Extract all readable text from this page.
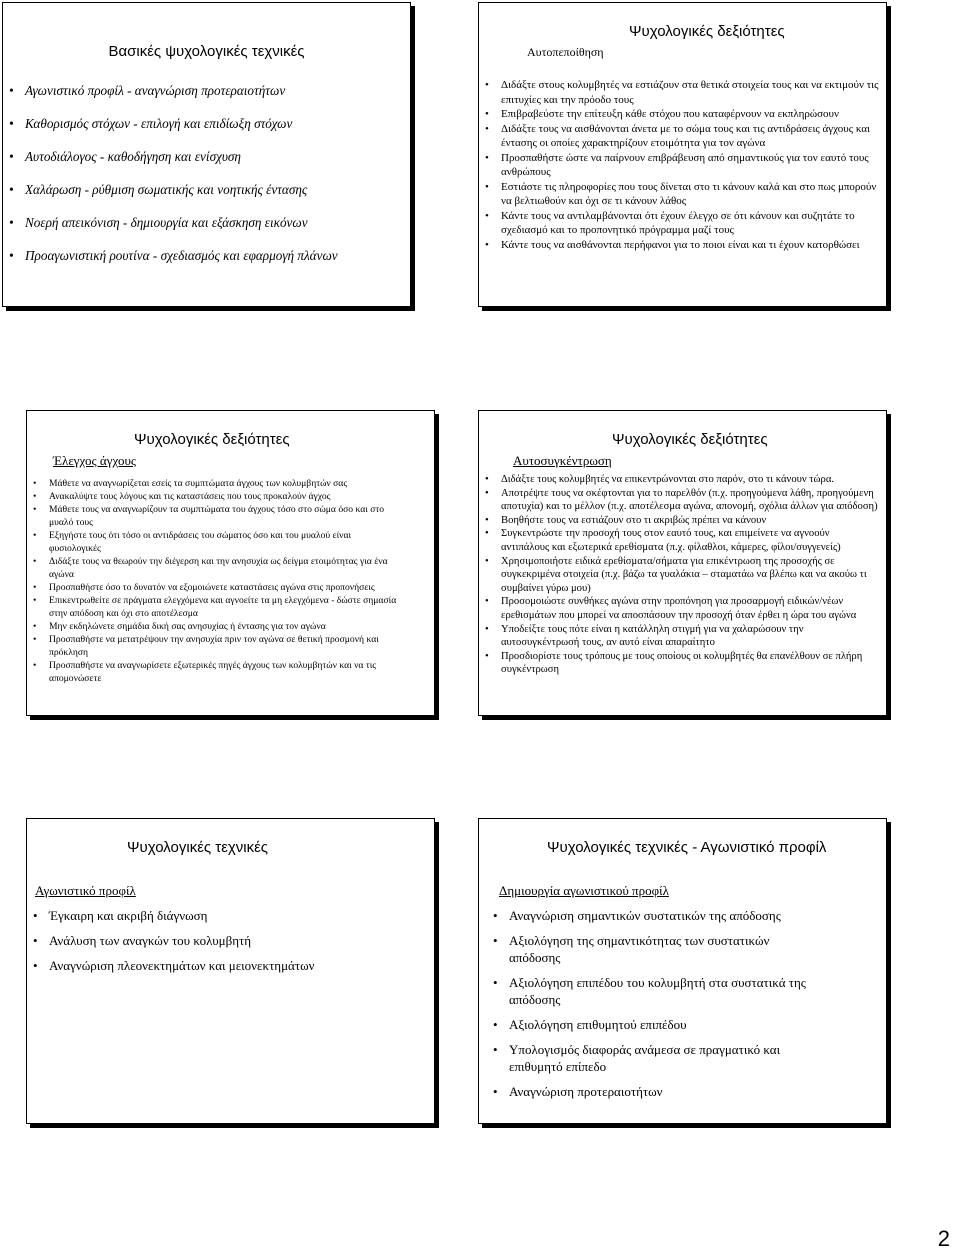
Βασικές ψυχολογικές τεχνικές
• Αγωνιστικό προφίλ - αναγνώριση προτεραιοτήτων
• Καθορισμός στόχων - επιλογή και επιδίωξη στόχων
• Αυτοδιάλογος - καθοδήγηση και ενίσχυση
• Χαλάρωση - ρύθμιση σωματικής και νοητικής έντασης
• Νοερή απεικόνιση - δημιουργία και εξάσκηση εικόνων
• Προαγωνιστική ρουτίνα - σχεδιασμός και εφαρμογή πλάνων
Ψυχολογικές δεξιότητες
Αυτοπεποίθηση
• Διδάξτε στους κολυμβητές να εστιάζουν στα θετικά στοιχεία τους και να εκτιμούν τις επιτυχίες και την πρόοδο τους
• Επιβραβεύστε την επίτευξη κάθε στόχου που καταφέρνουν να εκπληρώσουν
• Διδάξτε τους να αισθάνονται άνετα με το σώμα τους και τις αντιδράσεις άγχους και έντασης οι οποίες χαρακτηρίζουν ετοιμότητα για τον αγώνα
• Προσπαθήστε ώστε να παίρνουν επιβράβευση από σημαντικούς για τον εαυτό τους ανθρώπους
• Εστιάστε τις πληροφορίες που τους δίνεται στο τι κάνουν καλά και στο πως μπορούν να βελτιωθούν και όχι σε τι κάνουν λάθος
• Κάντε τους να αντιλαμβάνονται ότι έχουν έλεγχο σε ότι κάνουν και συζητάτε το σχεδιασμό και το προπονητικό πρόγραμμα μαζί τους
• Κάντε τους να αισθάνονται περήφανοι για το ποιοι είναι και τι έχουν κατορθώσει
Ψυχολογικές δεξιότητες
Έλεγχος άγχους
• Μάθετε να αναγνωρίζεται εσείς τα συμπτώματα άγχους των κολυμβητών σας
• Ανακαλύψτε τους λόγους και τις καταστάσεις που τους προκαλούν άγχος
• Μάθετε τους να αναγνωρίζουν τα συμπτώματα του άγχους τόσο στο σώμα όσο και στο μυαλό τους
• Εξηγήστε τους ότι τόσο οι αντιδράσεις του σώματος όσο και του μυαλού είναι φυσιολογικές
• Διδάξτε τους να θεωρούν την διέγερση και την ανησυχία ως δείγμα ετοιμότητας για ένα αγώνα
• Προσπαθήστε όσο το δυνατόν να εξομοιώνετε καταστάσεις αγώνα στις προπονήσεις
• Επικεντρωθείτε σε πράγματα ελεγχόμενα και αγνοείτε τα μη ελεγχόμενα - δώστε σημασία στην απόδοση και όχι στο αποτέλεσμα
• Μην εκδηλώνετε σημάδια δική σας ανησυχίας ή έντασης για τον αγώνα
• Προσπαθήστε να μετατρέψουν την ανησυχία πριν τον αγώνα σε θετική προσμονή και πρόκληση
• Προσπαθήστε να αναγνωρίσετε εξωτερικές πηγές άγχους των κολυμβητών και να τις απομονώσετε
Ψυχολογικές δεξιότητες
Αυτοσυγκέντρωση
• Διδάξτε τους κολυμβητές να επικεντρώνονται στο παρόν, στο τι κάνουν τώρα.
• Αποτρέψτε τους να σκέφτονται για το παρελθόν (π.χ. προηγούμενα λάθη, προηγούμενη αποτυχία) και το μέλλον (π.χ. αποτέλεσμα αγώνα, απονομή, σχόλια άλλων για απόδοση)
• Βοηθήστε τους να εστιάζουν στο τι ακριβώς πρέπει να κάνουν
• Συγκεντρώστε την προσοχή τους στον εαυτό τους, και επιμείνετε να αγνοούν αντιπάλους και εξωτερικά ερεθίσματα (π.χ. φίλαθλοι, κάμερες, φίλοι/συγγενείς)
• Χρησιμοποιήστε ειδικά ερεθίσματα/σήματα για επικέντρωση της προσοχής σε συγκεκριμένα στοιχεία (π.χ. βάζω τα γυαλάκια – σταματάω να βλέπω και να ακούω τι συμβαίνει γύρω μου)
• Προσομοιώστε συνθήκες αγώνα στην προπόνηση για προσαρμογή ειδικών/νέων ερεθισμάτων που μπορεί να αποσπάσουν την προσοχή όταν έρθει η ώρα του αγώνα
• Υποδείξτε τους πότε είναι η κατάλληλη στιγμή για να χαλαρώσουν την αυτοσυγκέντρωσή τους, αν αυτό είναι απαραίτητο
• Προσδιορίστε τους τρόπους με τους οποίους οι κολυμβητές θα επανέλθουν σε πλήρη συγκέντρωση
Ψυχολογικές τεχνικές
Αγωνιστικό προφίλ
• Έγκαιρη και ακριβή διάγνωση
• Ανάλυση των αναγκών του κολυμβητή
• Αναγνώριση πλεονεκτημάτων και μειονεκτημάτων
Ψυχολογικές τεχνικές - Αγωνιστικό προφίλ
Δημιουργία αγωνιστικού προφίλ
• Αναγνώριση σημαντικών συστατικών της απόδοσης
• Αξιολόγηση της σημαντικότητας των συστατικών απόδοσης
• Αξιολόγηση επιπέδου του κολυμβητή στα συστατικά της απόδοσης
• Αξιολόγηση επιθυμητού επιπέδου
• Υπολογισμός διαφοράς ανάμεσα σε πραγματικό και επιθυμητό επίπεδο
• Αναγνώριση προτεραιοτήτων
2
